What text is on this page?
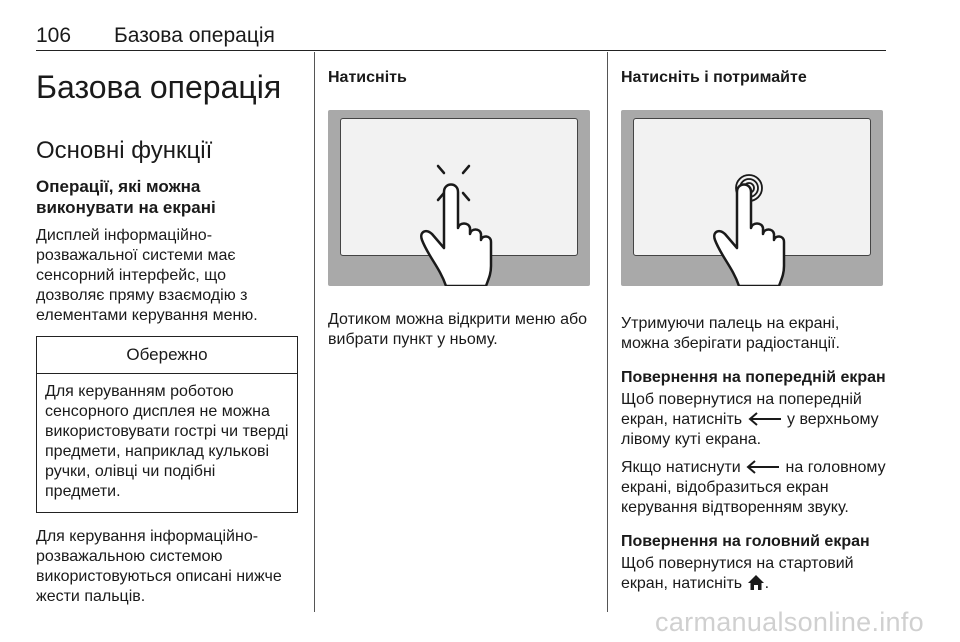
106 Базова операція
Базова операція
Основні функції
Операції, які можна виконувати на екрані
Дисплей інформаційно-розважальної системи має сенсорний інтерфейс, що дозволяє пряму взаємодію з елементами керування меню.
Обережно
Для керуванням роботою сенсорного дисплея не можна використовувати гострі чи тверді предмети, наприклад кулькові ручки, олівці чи подібні предмети.
Для керування інформаційно-розважальною системою використовуються описані нижче жести пальців.
Натисніть
Дотиком можна відкрити меню або вибрати пункт у ньому.
Натисніть і потримайте
Утримуючи палець на екрані, можна зберігати радіостанції.
Повернення на попередній екран
Щоб повернутися на попередній екран, натисніть	у верхньому лівому куті екрана.
Якщо натиснути	на головному екрані, відобразиться екран керування відтворенням звуку.
Повернення на головний екран
Щоб повернутися на стартовий екран, натисніть .
carmanualsonline.info
